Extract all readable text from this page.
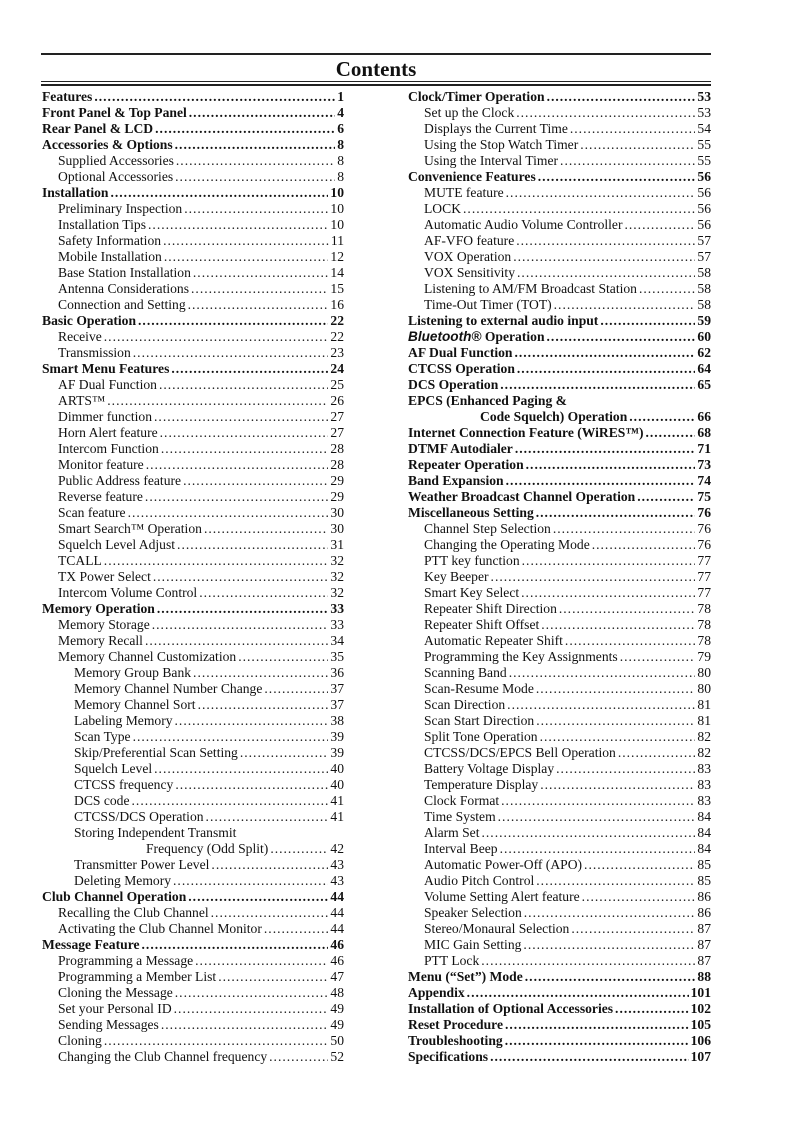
Contents
Features .....	1
Front Panel & Top Panel .....	4
Rear Panel & LCD .....	6
Accessories & Options .....	8
Supplied Accessories .....	8
Optional Accessories .....	8
Installation .....	10
Preliminary Inspection .....	10
Installation Tips .....	10
Safety Information .....	11
Mobile Installation .....	12
Base Station Installation .....	14
Antenna Considerations .....	15
Connection and Setting .....	16
Basic Operation .....	22
Receive .....	22
Transmission .....	23
Smart Menu Features .....	24
AF Dual Function .....	25
ARTS™ .....	26
Dimmer function .....	27
Horn Alert feature .....	27
Intercom Function .....	28
Monitor feature .....	28
Public Address feature .....	29
Reverse feature .....	29
Scan feature .....	30
Smart Search™ Operation .....	30
Squelch Level Adjust .....	31
TCALL .....	32
TX Power Select .....	32
Intercom Volume Control .....	32
Memory Operation .....	33
Memory Storage .....	33
Memory Recall .....	34
Memory Channel Customization .....	35
Memory Group Bank .....	36
Memory Channel Number Change .....	37
Memory Channel Sort .....	37
Labeling Memory .....	38
Scan Type .....	39
Skip/Preferential Scan Setting .....	39
Squelch Level .....	40
CTCSS frequency .....	40
DCS code .....	41
CTCSS/DCS Operation .....	41
Storing Independent Transmit
Frequency (Odd Split) .....	42
Transmitter Power Level .....	43
Deleting Memory .....	43
Club Channel Operation .....	44
Recalling the Club Channel .....	44
Activating the Club Channel Monitor .....	44
Message Feature .....	46
Programming a Message .....	46
Programming a Member List .....	47
Cloning the Message .....	48
Set your Personal ID .....	49
Sending Messages .....	49
Cloning .....	50
Changing the Club Channel frequency .....	52
Clock/Timer Operation .....	53
Set up the Clock .....	53
Displays the Current Time .....	54
Using the Stop Watch Timer .....	55
Using the Interval Timer .....	55
Convenience Features .....	56
MUTE feature .....	56
LOCK .....	56
Automatic Audio Volume Controller .....	56
AF-VFO feature .....	57
VOX Operation .....	57
VOX Sensitivity .....	58
Listening to AM/FM Broadcast Station .....	58
Time-Out Timer (TOT) .....	58
Listening to external audio input .....	59
Bluetooth® Operation .....	60
AF Dual Function .....	62
CTCSS Operation .....	64
DCS Operation .....	65
EPCS (Enhanced Paging &
Code Squelch) Operation .....	66
Internet Connection Feature (WiRES™) .....	68
DTMF Autodialer .....	71
Repeater Operation .....	73
Band Expansion .....	74
Weather Broadcast Channel Operation .....	75
Miscellaneous Setting .....	76
Channel Step Selection .....	76
Changing the Operating Mode .....	76
PTT key function .....	77
Key Beeper .....	77
Smart Key Select .....	77
Repeater Shift Direction .....	78
Repeater Shift Offset .....	78
Automatic Repeater Shift .....	78
Programming the Key Assignments .....	79
Scanning Band .....	80
Scan-Resume Mode .....	80
Scan Direction .....	81
Scan Start Direction .....	81
Split Tone Operation .....	82
CTCSS/DCS/EPCS Bell Operation .....	82
Battery Voltage Display .....	83
Temperature Display .....	83
Clock Format .....	83
Time System .....	84
Alarm Set .....	84
Interval Beep .....	84
Automatic Power-Off (APO) .....	85
Audio Pitch Control .....	85
Volume Setting Alert feature .....	86
Speaker Selection .....	86
Stereo/Monaural Selection .....	87
MIC Gain Setting .....	87
PTT Lock .....	87
Menu (“Set”) Mode .....	88
Appendix .....	101
Installation of Optional Accessories .....	102
Reset Procedure .....	105
Troubleshooting .....	106
Specifications .....	107
